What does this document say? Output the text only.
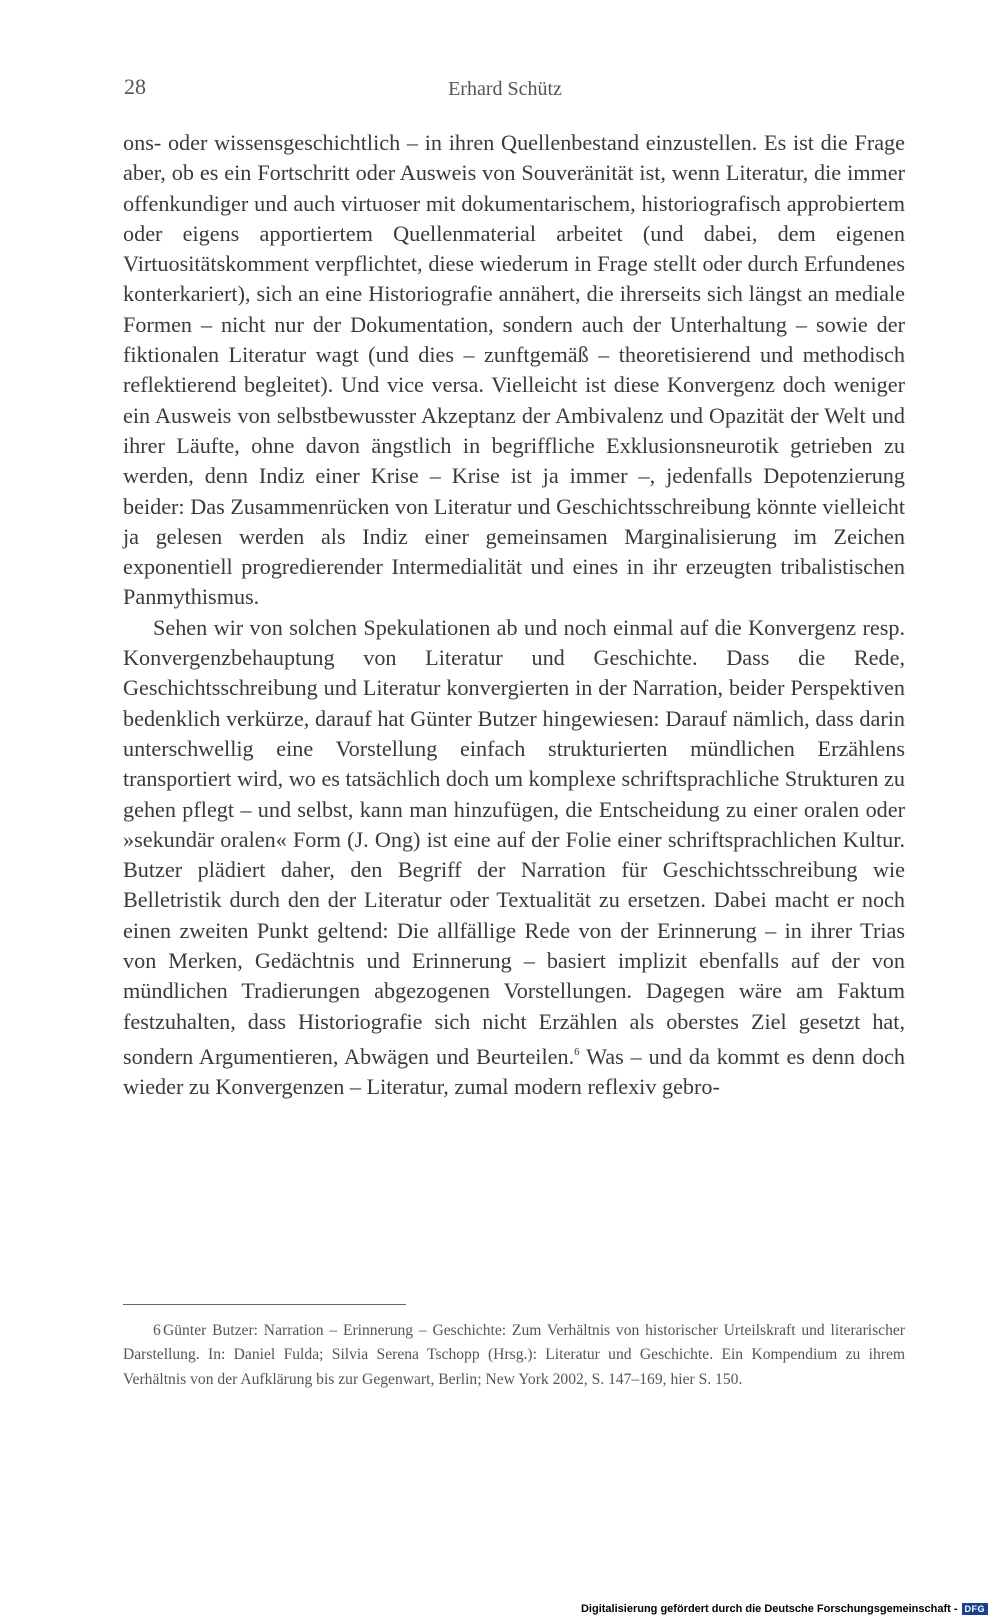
28	Erhard Schütz

ons- oder wissensgeschichtlich – in ihren Quellenbestand einzustellen. Es ist die Frage aber, ob es ein Fortschritt oder Ausweis von Souveränität ist, wenn Literatur, die immer offenkundiger und auch virtuoser mit dokumentarischem, historiografisch approbiertem oder eigens apportiertem Quellenmaterial arbeitet (und dabei, dem eigenen Virtuositätskomment verpflichtet, diese wiederum in Frage stellt oder durch Erfundenes konterkariert), sich an eine Historiografie annähert, die ihrerseits sich längst an mediale Formen – nicht nur der Dokumentation, sondern auch der Unterhaltung – sowie der fiktionalen Literatur wagt (und dies – zunftgemäß – theoretisierend und methodisch reflektierend begleitet). Und vice versa. Vielleicht ist diese Konvergenz doch weniger ein Ausweis von selbstbewusster Akzeptanz der Ambivalenz und Opazität der Welt und ihrer Läufte, ohne davon ängstlich in begriffliche Exklusionsneurotik getrieben zu werden, denn Indiz einer Krise – Krise ist ja immer –, jedenfalls Depotenzierung beider: Das Zusammenrücken von Literatur und Geschichtsschreibung könnte vielleicht ja gelesen werden als Indiz einer gemeinsamen Marginalisierung im Zeichen exponentiell progredierender Intermedialität und eines in ihr erzeugten tribalistischen Panmythismus.

Sehen wir von solchen Spekulationen ab und noch einmal auf die Konvergenz resp. Konvergenzbehauptung von Literatur und Geschichte. Dass die Rede, Geschichtsschreibung und Literatur konvergierten in der Narration, beider Perspektiven bedenklich verkürze, darauf hat Günter Butzer hingewiesen: Darauf nämlich, dass darin unterschwellig eine Vorstellung einfach strukturierten mündlichen Erzählens transportiert wird, wo es tatsächlich doch um komplexe schriftsprachliche Strukturen zu gehen pflegt – und selbst, kann man hinzufügen, die Entscheidung zu einer oralen oder »sekundär oralen« Form (J. Ong) ist eine auf der Folie einer schriftsprachlichen Kultur. Butzer plädiert daher, den Begriff der Narration für Geschichtsschreibung wie Belletristik durch den der Literatur oder Textualität zu ersetzen. Dabei macht er noch einen zweiten Punkt geltend: Die allfällige Rede von der Erinnerung – in ihrer Trias von Merken, Gedächtnis und Erinnerung – basiert implizit ebenfalls auf der von mündlichen Tradierungen abgezogenen Vorstellungen. Dagegen wäre am Faktum festzuhalten, dass Historiografie sich nicht Erzählen als oberstes Ziel gesetzt hat, sondern Argumentieren, Abwägen und Beurteilen.$^6$ Was – und da kommt es denn doch wieder zu Konvergenzen – Literatur, zumal modern reflexiv gebro-

6 Günter Butzer: Narration – Erinnerung – Geschichte: Zum Verhältnis von historischer Urteilskraft und literarischer Darstellung. In: Daniel Fulda; Silvia Serena Tschopp (Hrsg.): Literatur und Geschichte. Ein Kompendium zu ihrem Verhältnis von der Aufklärung bis zur Gegenwart, Berlin; New York 2002, S. 147–169, hier S. 150.
Digitalisierung gefördert durch die Deutsche Forschungsgemeinschaft - DFG
